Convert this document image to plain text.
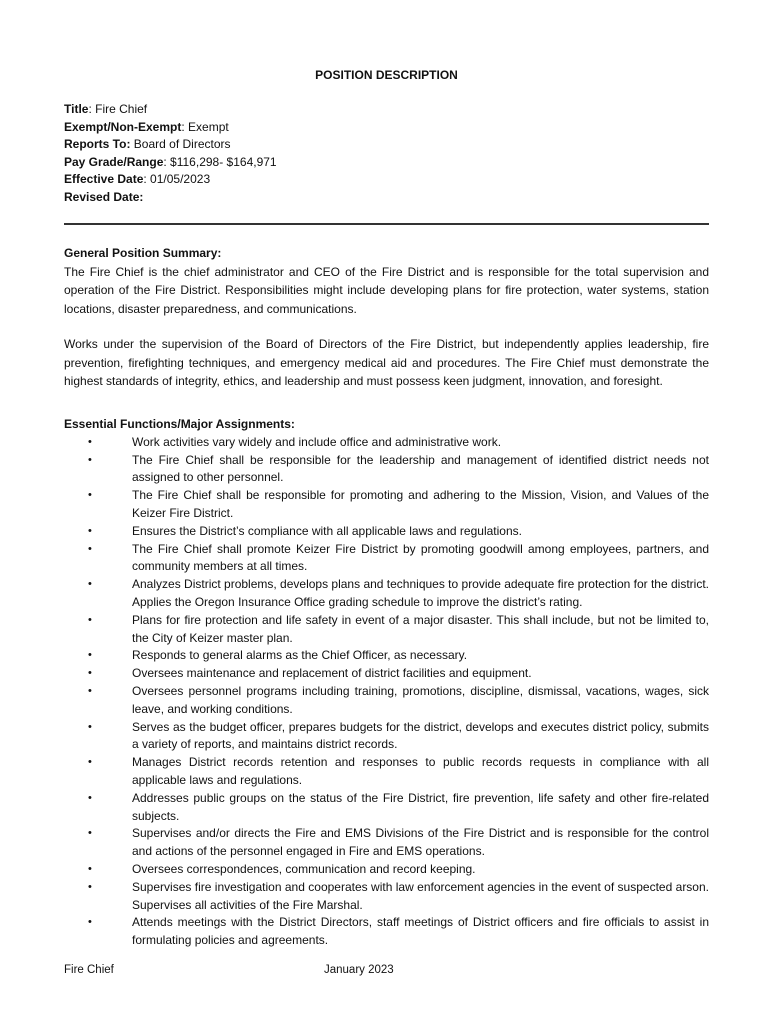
POSITION DESCRIPTION
Title: Fire Chief
Exempt/Non-Exempt: Exempt
Reports To: Board of Directors
Pay Grade/Range: $116,298- $164,971
Effective Date: 01/05/2023
Revised Date:
General Position Summary:

The Fire Chief is the chief administrator and CEO of the Fire District and is responsible for the total supervision and operation of the Fire District. Responsibilities might include developing plans for fire protection, water systems, station locations, disaster preparedness, and communications.

Works under the supervision of the Board of Directors of the Fire District, but independently applies leadership, fire prevention, firefighting techniques, and emergency medical aid and procedures. The Fire Chief must demonstrate the highest standards of integrity, ethics, and leadership and must possess keen judgment, innovation, and foresight.

Essential Functions/Major Assignments:
•	Work activities vary widely and include office and administrative work.
•	The Fire Chief shall be responsible for the leadership and management of identified district needs not assigned to other personnel.
•	The Fire Chief shall be responsible for promoting and adhering to the Mission, Vision, and Values of the Keizer Fire District.
•	Ensures the District’s compliance with all applicable laws and regulations.
•	The Fire Chief shall promote Keizer Fire District by promoting goodwill among employees, partners, and community members at all times.
•	Analyzes District problems, develops plans and techniques to provide adequate fire protection for the district. Applies the Oregon Insurance Office grading schedule to improve the district’s rating.
•	Plans for fire protection and life safety in event of a major disaster. This shall include, but not be limited to, the City of Keizer master plan.
•	Responds to general alarms as the Chief Officer, as necessary.
•	Oversees maintenance and replacement of district facilities and equipment.
•	Oversees personnel programs including training, promotions, discipline, dismissal, vacations, wages, sick leave, and working conditions.
•	Serves as the budget officer, prepares budgets for the district, develops and executes district policy, submits a variety of reports, and maintains district records.
•	Manages District records retention and responses to public records requests in compliance with all applicable laws and regulations.
•	Addresses public groups on the status of the Fire District, fire prevention, life safety and other fire-related subjects.
•	Supervises and/or directs the Fire and EMS Divisions of the Fire District and is responsible for the control and actions of the personnel engaged in Fire and EMS operations.
•	Oversees correspondences, communication and record keeping.
•	Supervises fire investigation and cooperates with law enforcement agencies in the event of suspected arson. Supervises all activities of the Fire Marshal.
•	Attends meetings with the District Directors, staff meetings of District officers and fire officials to assist in formulating policies and agreements.
Fire Chief	January 2023
